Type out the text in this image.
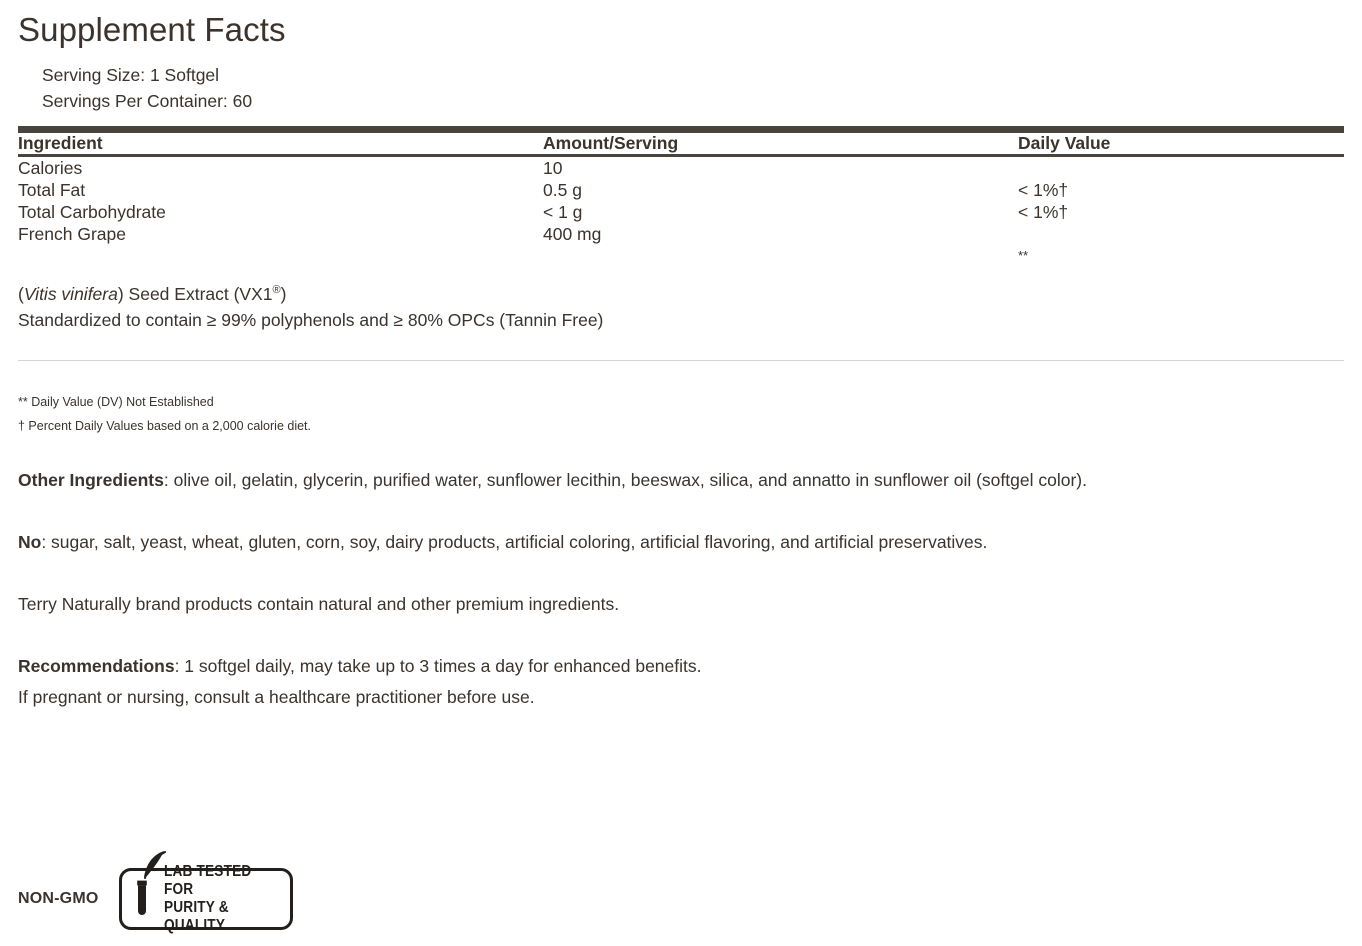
Supplement Facts
Serving Size: 1 Softgel
Servings Per Container: 60
Ingredient	Amount/Serving	Daily Value
Calories	10	
Total Fat	0.5 g	< 1%†
Total Carbohydrate	< 1 g	< 1%†
French Grape	400 mg	**
(Vitis vinifera) Seed Extract (VX1®)
Standardized to contain ≥ 99% polyphenols and ≥ 80% OPCs (Tannin Free)
** Daily Value (DV) Not Established
† Percent Daily Values based on a 2,000 calorie diet.
Other Ingredients: olive oil, gelatin, glycerin, purified water, sunflower lecithin, beeswax, silica, and annatto in sunflower oil (softgel color).
No: sugar, salt, yeast, wheat, gluten, corn, soy, dairy products, artificial coloring, artificial flavoring, and artificial preservatives.
Terry Naturally brand products contain natural and other premium ingredients.
Recommendations: 1 softgel daily, may take up to 3 times a day for enhanced benefits.
If pregnant or nursing, consult a healthcare practitioner before use.
NON-GMO
LAB TESTED FOR
PURITY & QUALITY
